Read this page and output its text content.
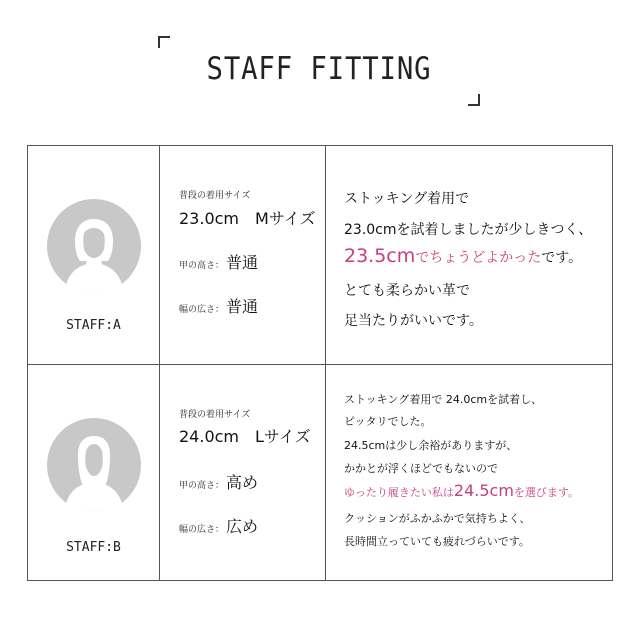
STAFF FITTING
STAFF:A
普段の着用サイズ
23.0cm　Mサイズ
甲の高さ： 普通
幅の広さ： 普通
ストッキング着用で
23.0cmを試着しましたが少しきつく、
23.5cmでちょうどよかったです。
とても柔らかい革で
足当たりがいいです。
STAFF:B
普段の着用サイズ
24.0cm　Lサイズ
甲の高さ： 高め
幅の広さ： 広め
ストッキング着用で 24.0cmを試着し、
ピッタリでした。
24.5cmは少し余裕がありますが、
かかとが浮くほどでもないので
ゆったり履きたい私は24.5cmを選びます。
クッションがふかふかで気持ちよく、
長時間立っていても疲れづらいです。
